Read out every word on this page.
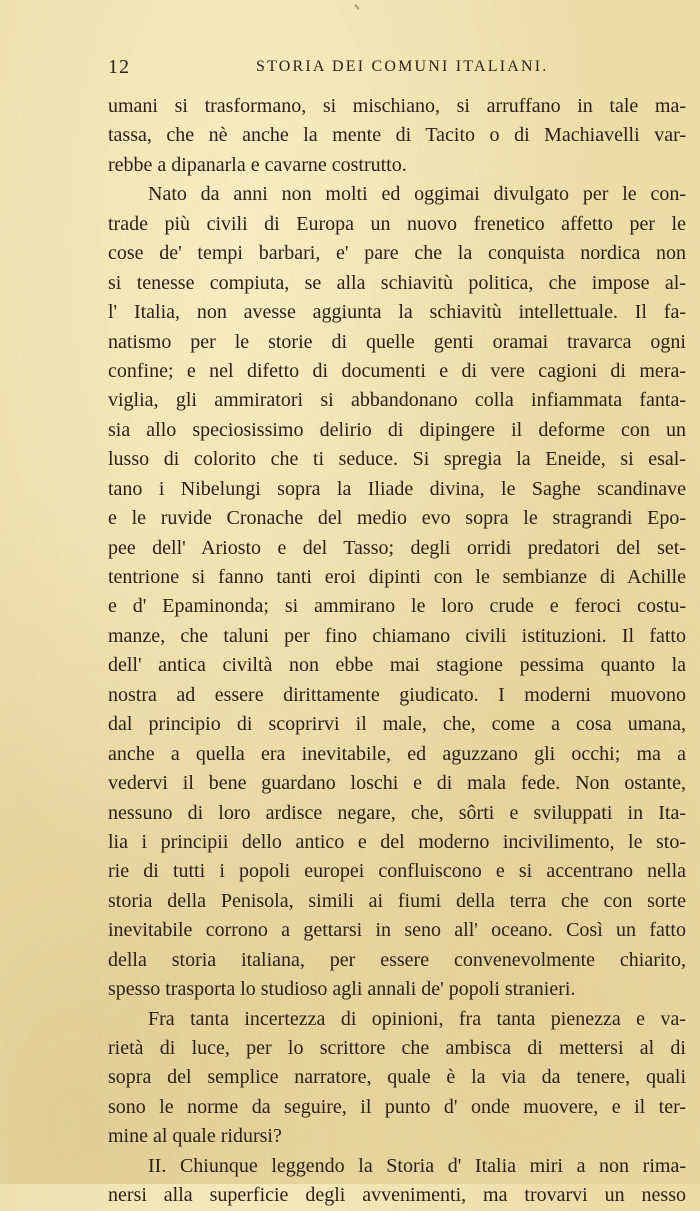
12	STORIA DEI COMUNI ITALIANI.
umani si trasformano, si mischiano, si arruffano in tale ma-
tassa, che nè anche la mente di Tacito o di Machiavelli var-
rebbe a dipanarla e cavarne costrutto.
Nato da anni non molti ed oggimai divulgato per le con-
trade più civili di Europa un nuovo frenetico affetto per le
cose de' tempi barbari, e' pare che la conquista nordica non
si tenesse compiuta, se alla schiavitù politica, che impose al-
l' Italia, non avesse aggiunta la schiavitù intellettuale. Il fa-
natismo per le storie di quelle genti oramai travarca ogni
confine; e nel difetto di documenti e di vere cagioni di mera-
viglia, gli ammiratori si abbandonano colla infiammata fanta-
sia allo speciosissimo delirio di dipingere il deforme con un
lusso di colorito che ti seduce. Si spregia la Eneide, si esal-
tano i Nibelungi sopra la Iliade divina, le Saghe scandinave
e le ruvide Cronache del medio evo sopra le stragrandi Epo-
pee dell' Ariosto e del Tasso; degli orridi predatori del set-
tentrione si fanno tanti eroi dipinti con le sembianze di Achille
e d' Epaminonda; si ammirano le loro crude e feroci costu-
manze, che taluni per fino chiamano civili istituzioni. Il fatto
dell' antica civiltà non ebbe mai stagione pessima quanto la
nostra ad essere dirittamente giudicato. I moderni muovono
dal principio di scoprirvi il male, che, come a cosa umana,
anche a quella era inevitabile, ed aguzzano gli occhi; ma a
vedervi il bene guardano loschi e di mala fede. Non ostante,
nessuno di loro ardisce negare, che, sôrti e sviluppati in Ita-
lia i principii dello antico e del moderno incivilimento, le sto-
rie di tutti i popoli europei confluiscono e si accentrano nella
storia della Penisola, simili ai fiumi della terra che con sorte
inevitabile corrono a gettarsi in seno all' oceano. Così un fatto
della storia italiana, per essere convenevolmente chiarito,
spesso trasporta lo studioso agli annali de' popoli stranieri.
Fra tanta incertezza di opinioni, fra tanta pienezza e va-
rietà di luce, per lo scrittore che ambisca di mettersi al di
sopra del semplice narratore, quale è la via da tenere, quali
sono le norme da seguire, il punto d' onde muovere, e il ter-
mine al quale ridursi?
II. Chiunque leggendo la Storia d' Italia miri a non rima-
nersi alla superficie degli avvenimenti, ma trovarvi un nesso
